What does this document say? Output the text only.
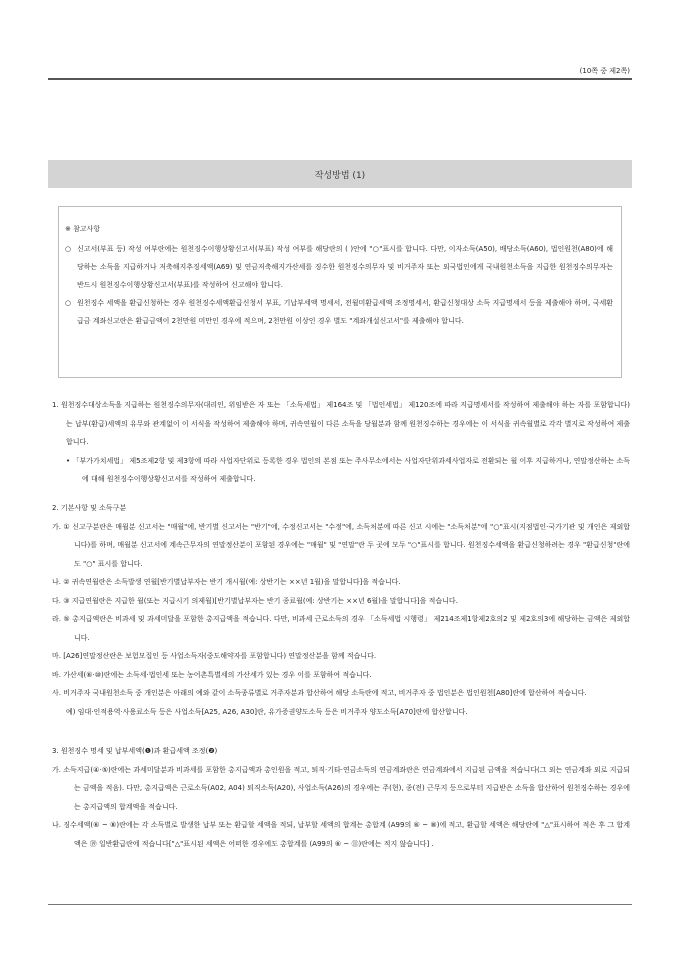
(10쪽 중 제2쪽)
작성방법 (1)
※ 참고사항
○ 신고서(부표 등) 작성 여부란에는 원천징수이행상황신고서(부표) 작성 여부를 해당란의 ( )안에 "○"표시를 합니다. 다만, 이자소득(A50), 배당소득(A60), 법인원천(A80)에 해당하는 소득을 지급하거나 저축해지추징세액(A69) 및 연금저축해지가산세를 징수한 원천징수의무자 및 비거주자 또는 외국법인에게 국내원천소득을 지급한 원천징수의무자는 반드시 원천징수이행상황신고서(부표)를 작성하여 신고해야 합니다.
○ 원천징수 세액을 환급신청하는 경우 원천징수세액환급신청서 부표, 기납부세액 명세서, 전월미환급세액 조정명세서, 환급신청대상 소득 지급명세서 등을 제출해야 하며, 국세환급금 계좌신고란은 환급금액이 2천만원 미만인 경우에 적으며, 2천만원 이상인 경우 별도 "계좌개설신고서"를 제출해야 합니다.
1. 원천징수대상소득을 지급하는 원천징수의무자(대리인, 위임받은 자 또는 「소득세법」 제164조 및 「법인세법」 제120조에 따라 지급명세서를 작성하여 제출해야 하는 자를 포함합니다)는 납부(환급)세액의 유무와 관계없이 이 서식을 작성하여 제출해야 하며, 귀속연월이 다른 소득을 당월분과 함께 원천징수하는 경우에는 이 서식을 귀속월별로 각각 별지로 작성하여 제출합니다.
• 「부가가치세법」 제5조제2항 및 제3항에 따라 사업자단위로 등록한 경우 법인의 본점 또는 주사무소에서는 사업자단위과세사업자로 전환되는 월 이후 지급하거나, 연말정산하는 소득에 대해 원천징수이행상황신고서를 작성하여 제출합니다.
2. 기본사항 및 소득구분
가. ① 신고구분란은 매월분 신고서는 "매월"에, 반기별 신고서는 "반기"에, 수정신고서는 "수정"에, 소득처분에 따른 신고 시에는 "소득처분"에 "○"표시(지점법인·국가기관 및 개인은 제외합니다)를 하며, 매월분 신고서에 계속근무자의 연말정산분이 포함된 경우에는 "매월" 및 "연말"란 두 곳에 모두 "○"표시를 합니다. 원천징수세액을 환급신청하려는 경우 "환급신청"란에도 "○" 표시를 합니다.
나. ② 귀속연월란은 소득발생 연월[반기별납부자는 반기 개시월(예: 상반기는 ××년 1월)을 말합니다]을 적습니다.
다. ③ 지급연월란은 지급한 월(또는 지급시기 의제월)[반기별납부자는 반기 종료월(예: 상반기는 ××년 6월)을 말합니다]을 적습니다.
라. ⑤ 총지급액란은 비과세 및 과세미달을 포함한 총지급액을 적습니다. 다만, 비과세 근로소득의 경우 「소득세법 시행령」 제214조제1항제2호의2 및 제2호의3에 해당하는 금액은 제외합니다.
마. [A26]연말정산란은 보험모집인 등 사업소득자(중도해약자를 포함합니다) 연말정산분을 함께 적습니다.
바. 가산세(⑥·⑩)란에는 소득세·법인세 또는 농어촌특별세의 가산세가 있는 경우 이를 포함하여 적습니다.
사. 비거주자 국내원천소득 중 개인분은 아래의 예와 같이 소득종류별로 거주자분과 합산하여 해당 소득란에 적고, 비거주자 중 법인분은 법인원천[A80]란에 합산하여 적습니다.
예) 임대·인적용역·사용료소득 등은 사업소득[A25, A26, A30]란, 유가증권양도소득 등은 비거주자 양도소득[A70]란에 합산합니다.
3. 원천징수 명세 및 납부세액(❶)과 환급세액 조정(❷)
가. 소득지급(④·⑤)란에는 과세미달분과 비과세를 포함한 총지급액과 총인원을 적고, 퇴직·기타·연금소득의 연금계좌란은 연금계좌에서 지급된 금액을 적습니다(그 외는 연금계좌 외로 지급되는 금액을 적음). 다만, 총지급액은 근로소득(A02, A04) 퇴직소득(A20), 사업소득(A26)의 경우에는 주(현), 종(전) 근무지 등으로부터 지급받은 소득을 합산하여 원천징수하는 경우에는 총지급액의 합계액을 적습니다.
나. 징수세액(⑥ ~ ⑧)란에는 각 소득별로 발생한 납부 또는 환급할 세액을 적되, 납부할 세액의 합계는 총합계 (A99의 ⑥ ~ ⑧)에 적고, 환급할 세액은 해당란에 "△"표시하여 적은 후 그 합계액은 ⑲ 일반환급란에 적습니다["△"표시된 세액은 어떠한 경우에도 총합계를 (A99의 ⑥ ~ ⑪)란에는 적지 않습니다] .
